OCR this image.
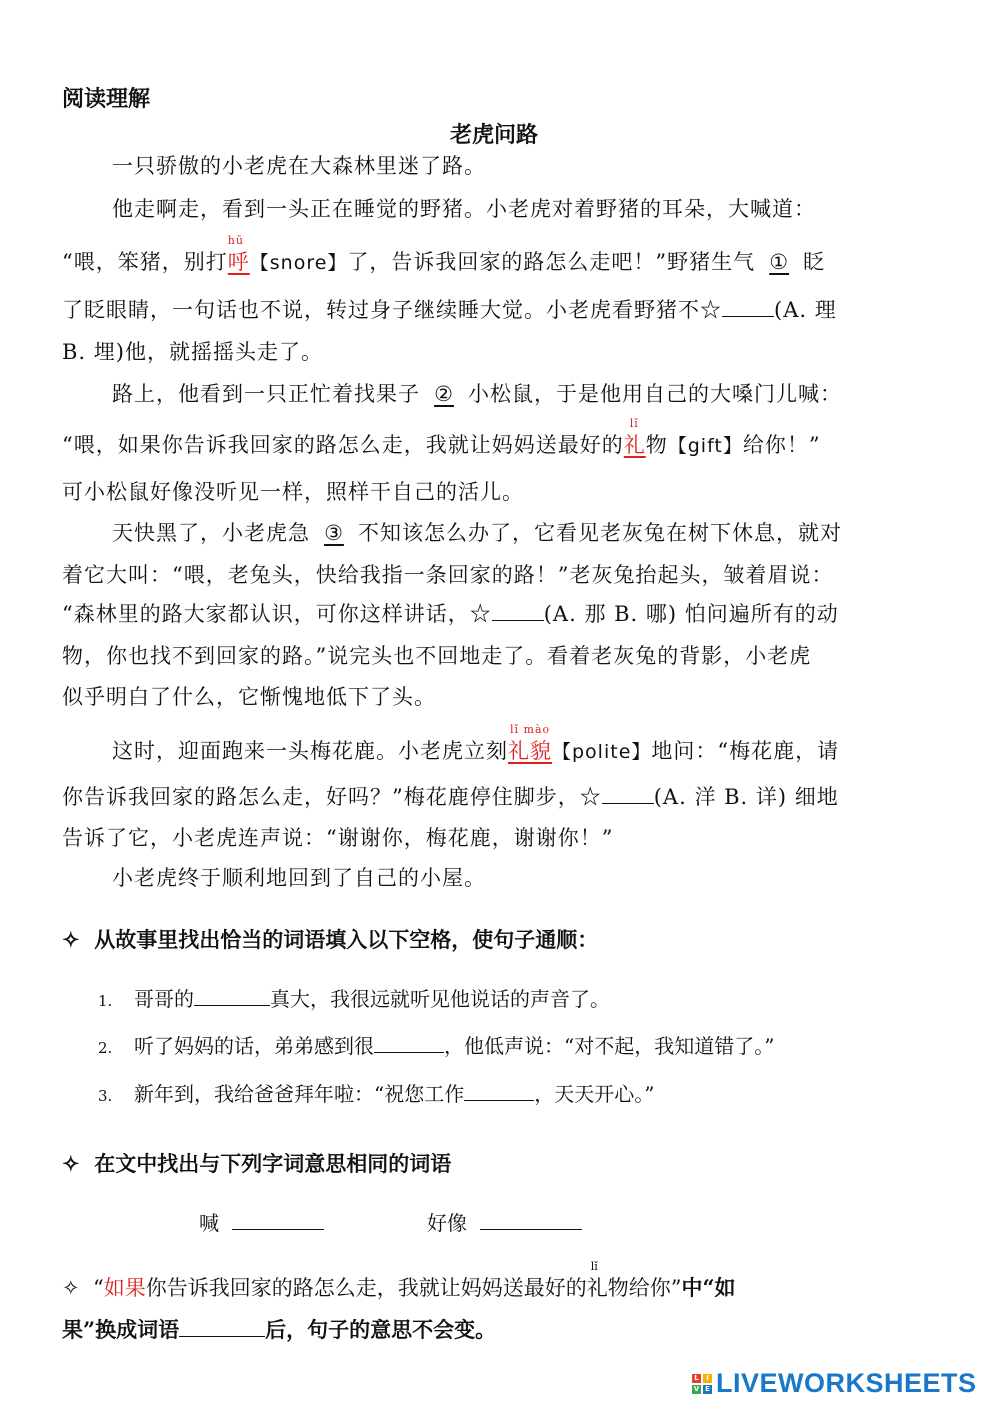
阅读理解
老虎问路
一只骄傲的小老虎在大森林里迷了路。
他走啊走，看到一头正在睡觉的野猪。小老虎对着野猪的耳朵，大喊道：
“喂，笨猪，别打
hū
呼【snore】了，告诉我回家的路怎么走吧！”野猪生气 ① 眨
了眨眼睛，一句话也不说，转过身子继续睡大觉。小老虎看野猪不☆ (A. 理
B. 埋)他，就摇摇头走了。
路上，他看到一只正忙着找果子 ② 小松鼠，于是他用自己的大嗓门儿喊：
“喂，如果你告诉我回家的路怎么走，我就让妈妈送最好的
lǐ
礼物【gift】给你！”
可小松鼠好像没听见一样，照样干自己的活儿。
天快黑了，小老虎急 ③ 不知该怎么办了，它看见老灰兔在树下休息，就对
着它大叫：“喂，老兔头，快给我指一条回家的路！”老灰兔抬起头，皱着眉说：
“森林里的路大家都认识，可你这样讲话，☆ (A. 那 B. 哪) 怕问遍所有的动
物，你也找不到回家的路。”说完头也不回地走了。看着老灰兔的背影，小老虎
似乎明白了什么，它惭愧地低下了头。
这时，迎面跑来一头梅花鹿。小老虎立刻
lǐ mào
礼貌【polite】地问：“梅花鹿，请
你告诉我回家的路怎么走，好吗？”梅花鹿停住脚步，☆ (A. 洋 B. 详) 细地
告诉了它，小老虎连声说：“谢谢你，梅花鹿，谢谢你！”
小老虎终于顺利地回到了自己的小屋。
✧ 从故事里找出恰当的词语填入以下空格，使句子通顺：
1. 哥哥的	真大，我很远就听见他说话的声音了。
2. 听了妈妈的话，弟弟感到很	，他低声说：“对不起，我知道错了。”
3. 新年到，我给爸爸拜年啦：“祝您工作	，天天开心。”
✧ 在文中找出与下列字词意思相同的词语
喊	好像
✧ “如果你告诉我回家的路怎么走，我就让妈妈送最好的
lǐ
礼物给你”中“如
果”换成词语	后，句子的意思不会变。
L	I
V E LIVEWORKSHEETS
